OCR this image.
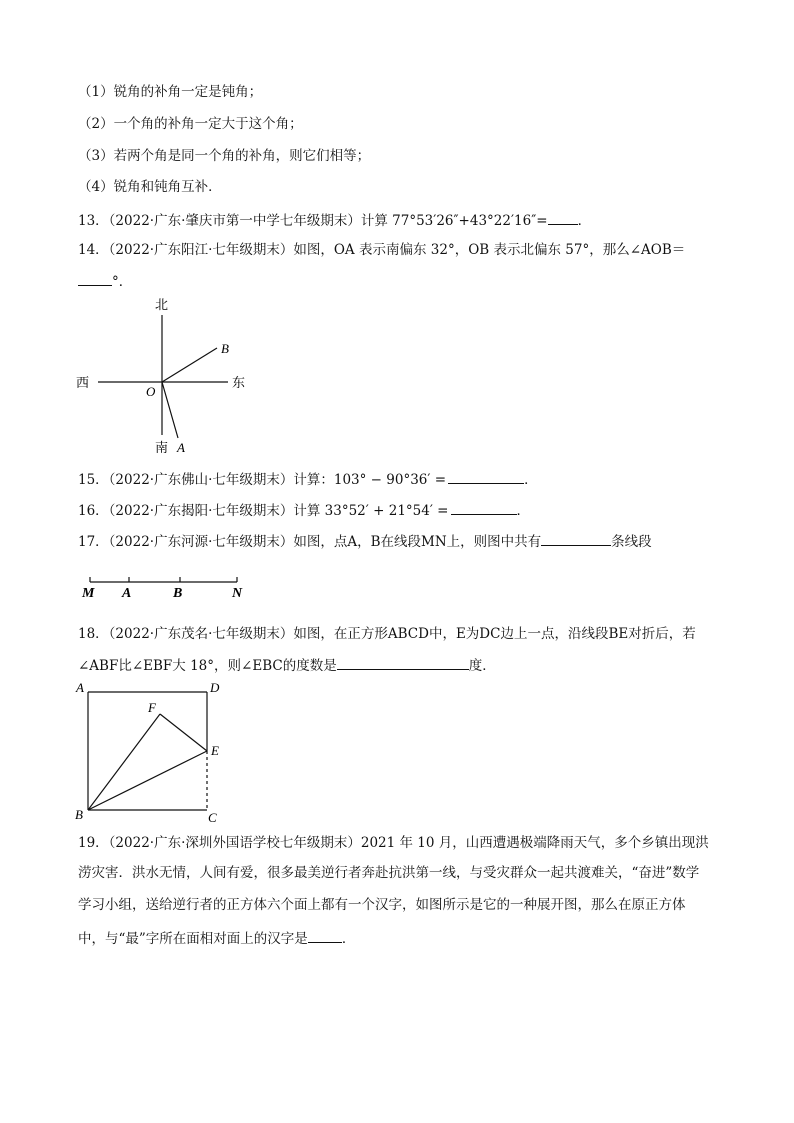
（1）锐角的补角一定是钝角；
（2）一个角的补角一定大于这个角；
（3）若两个角是同一个角的补角，则它们相等；
（4）锐角和钝角互补．
13．（2022·广东·肇庆市第一中学七年级期末）计算 77°53′26″+43°22′16″= ．
14．（2022·广东阳江·七年级期末）如图，OA 表示南偏东 32°，OB 表示北偏东 57°，那么∠AOB＝
°．
北
南
西	东
O
A
B
15．（2022·广东佛山·七年级期末）计算：103° − 90°36′ =	．
16．（2022·广东揭阳·七年级期末）计算 33°52′ + 21°54′ =	．
17．（2022·广东河源·七年级期末）如图，点A，B在线段MN上，则图中共有	条线段
M A	B	N
18．（2022·广东茂名·七年级期末）如图，在正方形ABCD中，E为DC边上一点，沿线段BE对折后，若
∠ABF比∠EBF大 18°，则∠EBC的度数是	度．
A	D
F
E
B	C
19．（2022·广东·深圳外国语学校七年级期末）2021 年 10 月，山西遭遇极端降雨天气，多个乡镇出现洪
涝灾害．洪水无情，人间有爱，很多最美逆行者奔赴抗洪第一线，与受灾群众一起共渡难关，“奋进”数学
学习小组，送给逆行者的正方体六个面上都有一个汉字，如图所示是它的一种展开图，那么在原正方体
中，与“最”字所在面相对面上的汉字是	．
